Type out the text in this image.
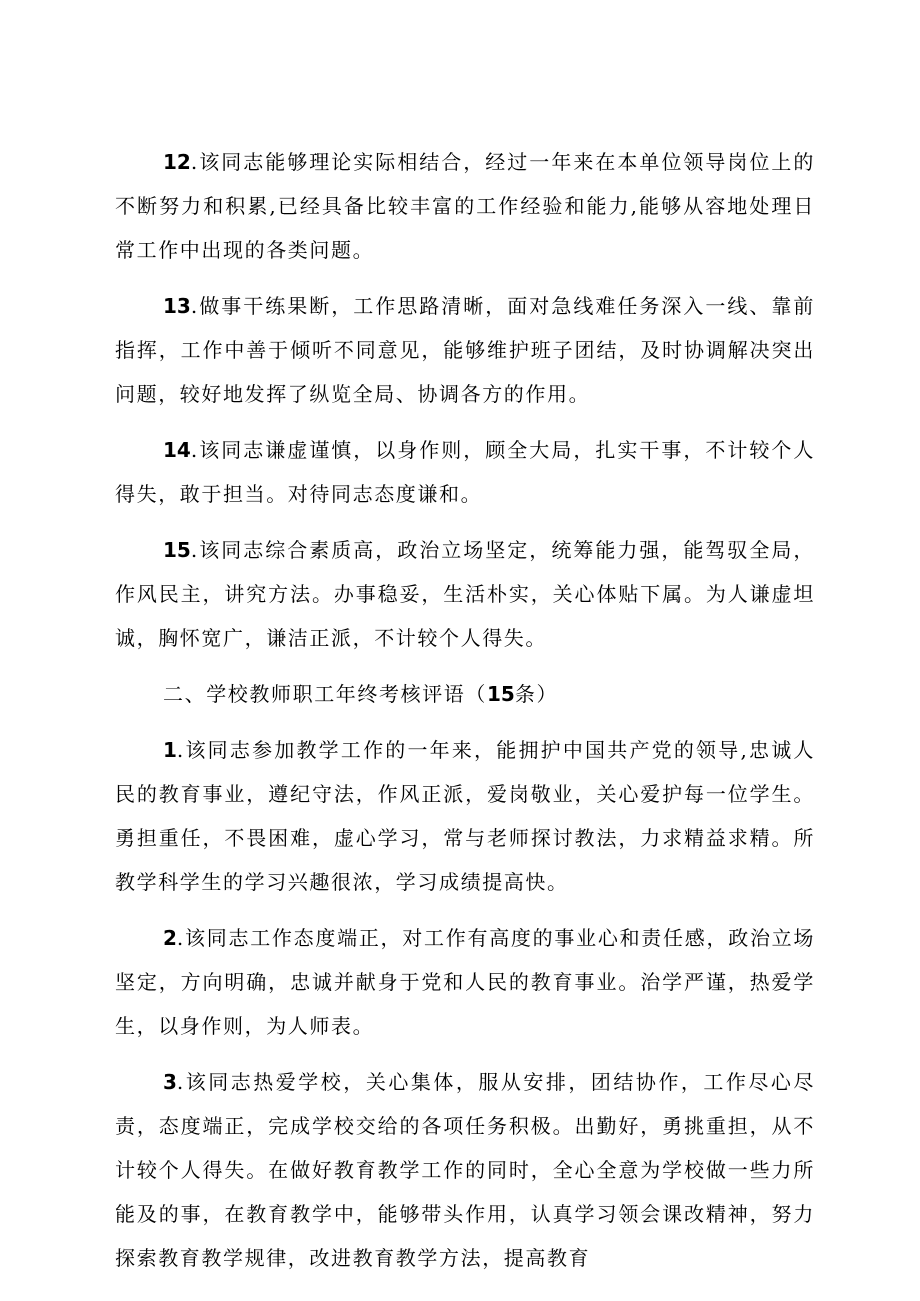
12.该同志能够理论实际相结合，经过一年来在本单位领导岗位上的不断努力和积累,已经具备比较丰富的工作经验和能力,能够从容地处理日常工作中出现的各类问题。

13.做事干练果断，工作思路清晰，面对急线难任务深入一线、靠前指挥，工作中善于倾听不同意见，能够维护班子团结，及时协调解决突出问题，较好地发挥了纵览全局、协调各方的作用。

14.该同志谦虚谨慎，以身作则，顾全大局，扎实干事，不计较个人得失，敢于担当。对待同志态度谦和。

15.该同志综合素质高，政治立场坚定，统筹能力强，能驾驭全局，作风民主，讲究方法。办事稳妥，生活朴实，关心体贴下属。为人谦虚坦诚，胸怀宽广，谦洁正派，不计较个人得失。

二、学校教师职工年终考核评语（15条）

1.该同志参加教学工作的一年来，能拥护中国共产党的领导,忠诚人民的教育事业，遵纪守法，作风正派，爱岗敬业，关心爱护每一位学生。勇担重任，不畏困难，虚心学习，常与老师探讨教法，力求精益求精。所教学科学生的学习兴趣很浓，学习成绩提高快。

2.该同志工作态度端正，对工作有高度的事业心和责任感，政治立场坚定，方向明确，忠诚并献身于党和人民的教育事业。治学严谨，热爱学生，以身作则，为人师表。

3.该同志热爱学校，关心集体，服从安排，团结协作，工作尽心尽责，态度端正，完成学校交给的各项任务积极。出勤好，勇挑重担，从不计较个人得失。在做好教育教学工作的同时，全心全意为学校做一些力所能及的事，在教育教学中，能够带头作用，认真学习领会课改精神，努力探索教育教学规律，改进教育教学方法，提高教育
